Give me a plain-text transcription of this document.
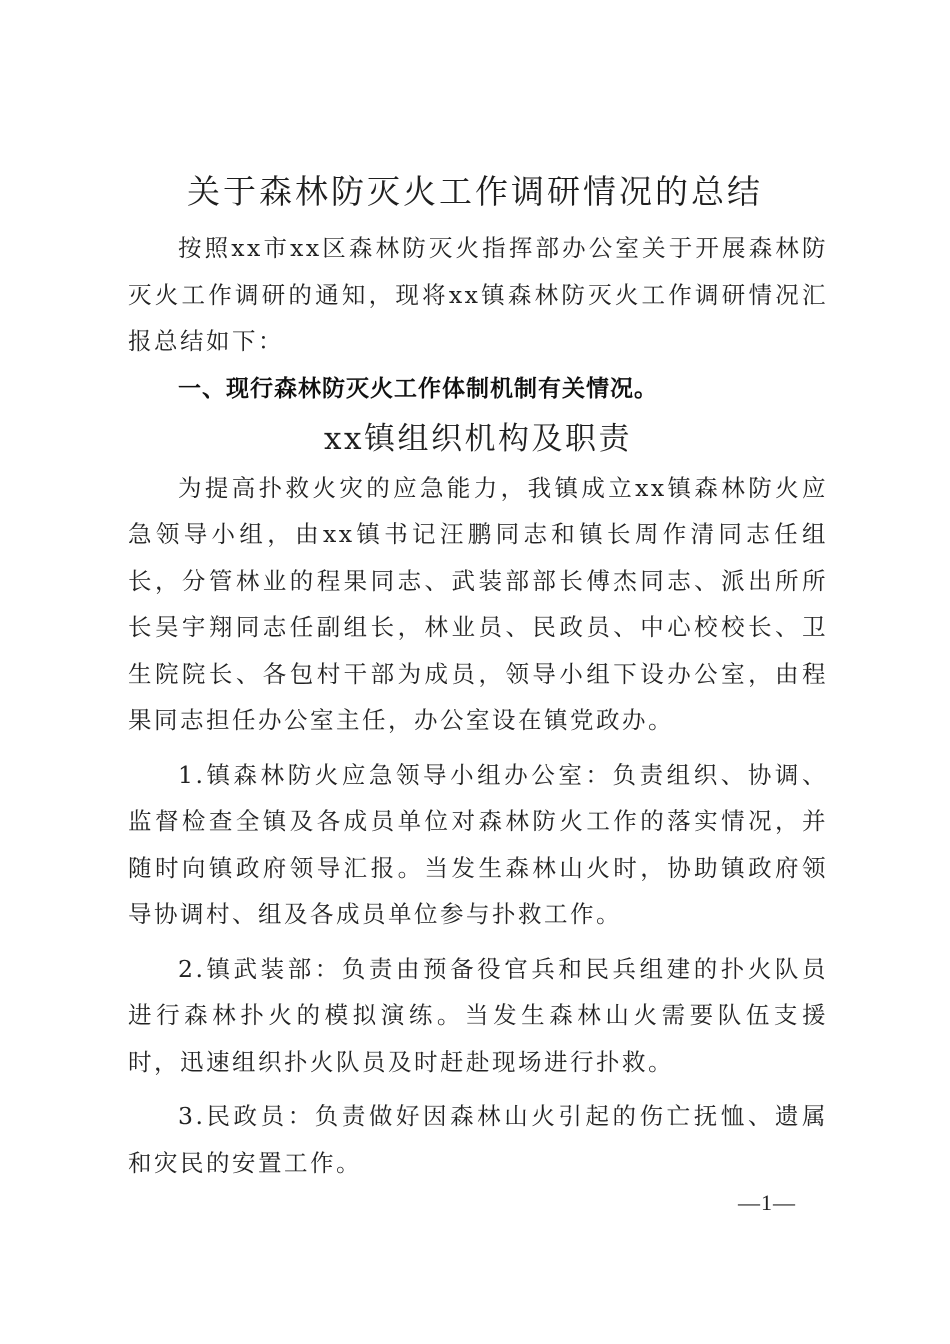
关于森林防灭火工作调研情况的总结

按照xx市xx区森林防灭火指挥部办公室关于开展森林防灭火工作调研的通知，现将xx镇森林防灭火工作调研情况汇报总结如下：

一、现行森林防灭火工作体制机制有关情况。

xx镇组织机构及职责

为提高扑救火灾的应急能力，我镇成立xx镇森林防火应急领导小组，由xx镇书记汪鹏同志和镇长周作清同志任组长，分管林业的程果同志、武装部部长傅杰同志、派出所所长吴宇翔同志任副组长，林业员、民政员、中心校校长、卫生院院长、各包村干部为成员，领导小组下设办公室，由程果同志担任办公室主任，办公室设在镇党政办。

1.镇森林防火应急领导小组办公室：负责组织、协调、监督检查全镇及各成员单位对森林防火工作的落实情况，并随时向镇政府领导汇报。当发生森林山火时，协助镇政府领导协调村、组及各成员单位参与扑救工作。

2.镇武装部：负责由预备役官兵和民兵组建的扑火队员进行森林扑火的模拟演练。当发生森林山火需要队伍支援时，迅速组织扑火队员及时赶赴现场进行扑救。

3.民政员：负责做好因森林山火引起的伤亡抚恤、遗属和灾民的安置工作。

—1—
